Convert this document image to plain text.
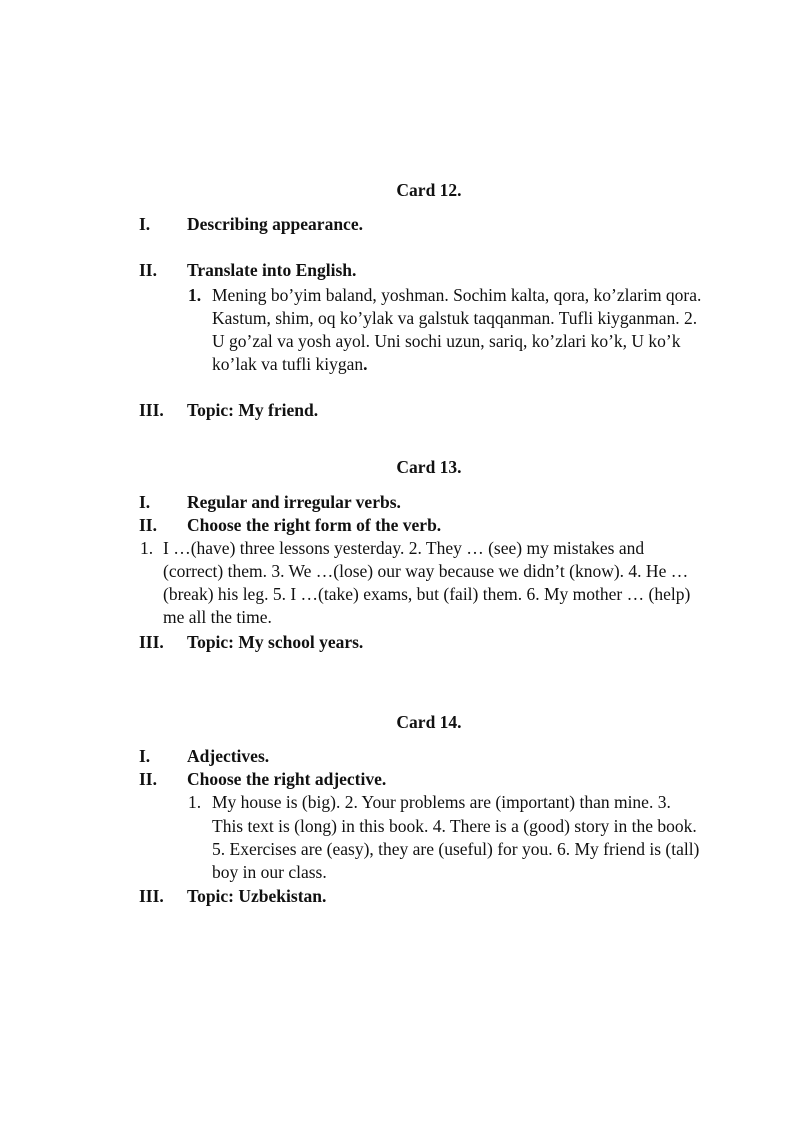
Card 12.
I. Describing appearance.
II. Translate into English.
1. Mening bo’yim baland, yoshman. Sochim kalta, qora, ko’zlarim qora.
Kastum, shim, oq ko’ylak va galstuk taqqanman. Tufli kiyganman. 2.
U go’zal va yosh ayol. Uni sochi uzun, sariq, ko’zlari ko’k, U ko’k
ko’lak va tufli kiygan.
III. Topic: My friend.
Card 13.
I. Regular and irregular verbs.
II. Choose the right form of the verb.
1. I …(have) three lessons yesterday. 2. They … (see) my mistakes and
(correct) them. 3. We …(lose) our way because we didn’t (know). 4. He …
(break) his leg. 5. I …(take) exams, but (fail) them. 6. My mother … (help)
me all the time.
III. Topic: My school years.
Card 14.
I. Adjectives.
II. Choose the right adjective.
1. My house is (big). 2. Your problems are (important) than mine. 3.
This text is (long) in this book. 4. There is a (good) story in the book.
5. Exercises are (easy), they are (useful) for you. 6. My friend is (tall)
boy in our class.
III. Topic: Uzbekistan.
